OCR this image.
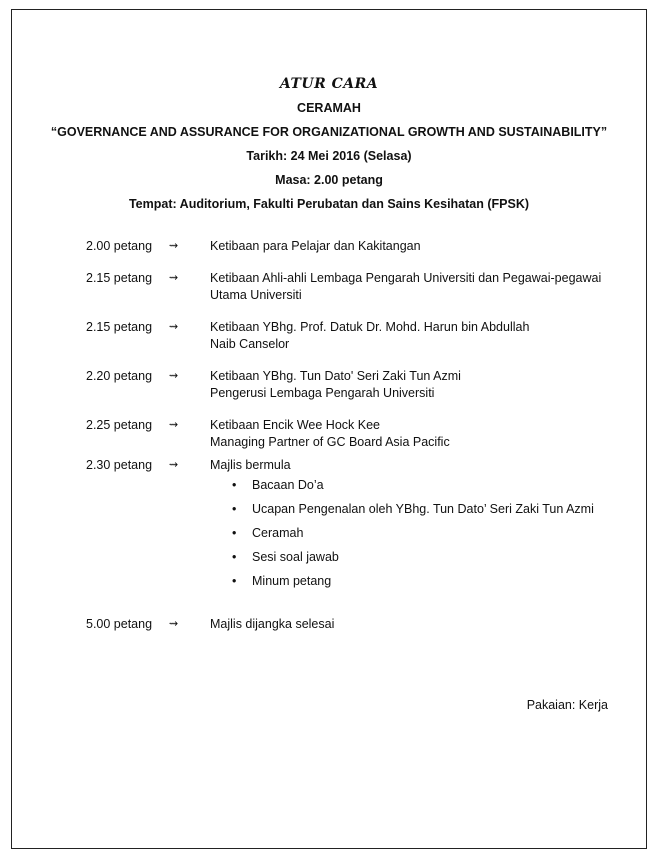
ATUR CARA
CERAMAH
“GOVERNANCE AND ASSURANCE FOR ORGANIZATIONAL GROWTH AND SUSTAINABILITY”
Tarikh: 24 Mei 2016 (Selasa)
Masa: 2.00 petang
Tempat: Auditorium, Fakulti Perubatan dan Sains Kesihatan (FPSK)
2.00 petang	⇝	Ketibaan para Pelajar dan Kakitangan
2.15 petang	⇝	Ketibaan Ahli-ahli Lembaga Pengarah Universiti dan Pegawai-pegawai
Utama Universiti
2.15 petang	⇝	Ketibaan YBhg. Prof. Datuk Dr. Mohd. Harun bin Abdullah
Naib Canselor
2.20 petang	⇝	Ketibaan YBhg. Tun Dato' Seri Zaki Tun Azmi
Pengerusi Lembaga Pengarah Universiti
2.25 petang	⇝	Ketibaan Encik Wee Hock Kee
Managing Partner of GC Board Asia Pacific
2.30 petang	⇝	Majlis bermula
• Bacaan Do’a
• Ucapan Pengenalan oleh YBhg. Tun Dato’ Seri Zaki Tun Azmi
• Ceramah
• Sesi soal jawab
• Minum petang
5.00 petang	⇝	Majlis dijangka selesai
Pakaian: Kerja
